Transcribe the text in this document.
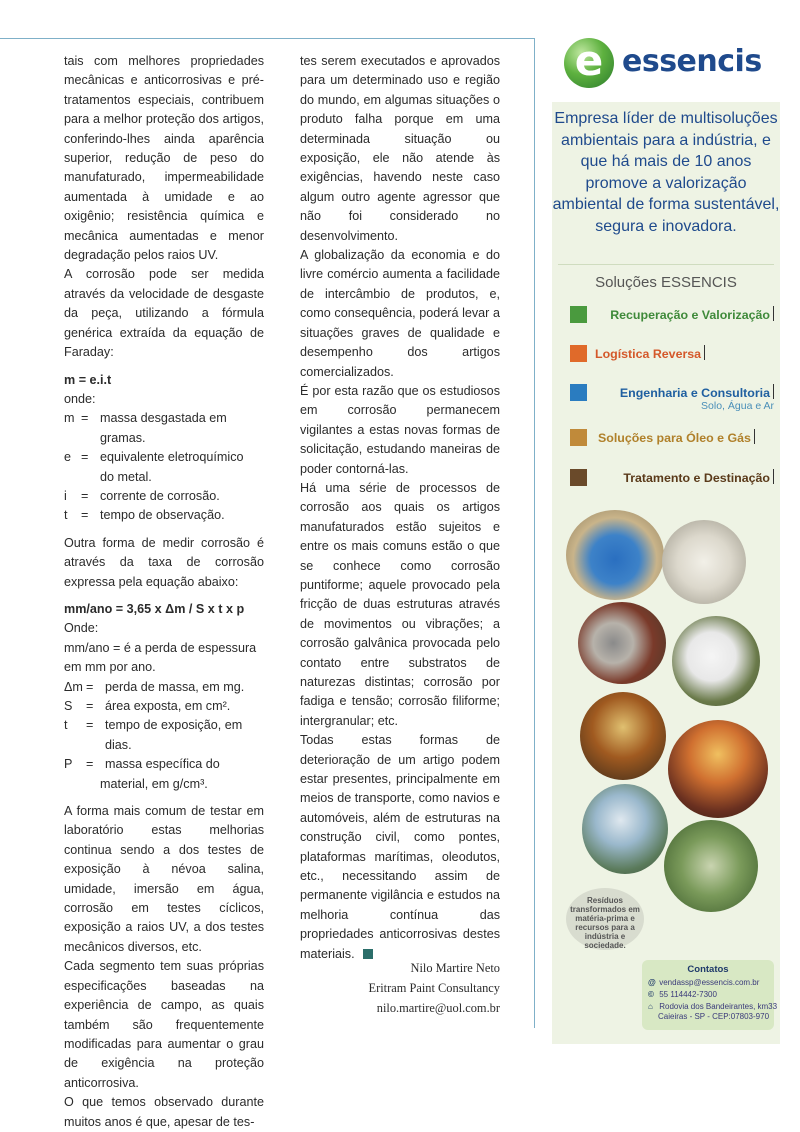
tais com melhores propriedades mecânicas e anticorrosivas e pré-tratamentos especiais, contribuem para a melhor proteção dos artigos, conferindo-lhes ainda aparência superior, redução de peso do manufaturado, impermeabilidade aumentada à umidade e ao oxigênio; resistência química e mecânica aumentadas e menor degradação pelos raios UV.

A corrosão pode ser medida através da velocidade de desgaste da peça, utilizando a fórmula genérica extraída da equação de Faraday:

m = e.i.t

onde:

m = massa desgastada em gramas.
e = equivalente eletroquímico
do metal.
i	= corrente de corrosão.
t	= tempo de observação.

Outra forma de medir corrosão é através da taxa de corrosão expressa pela equação abaixo:

mm/ano = 3,65 x Δm / S x t x p

Onde:

mm/ano = é a perda de espessura em mm por ano.

Δm = perda de massa, em mg.
S	= área exposta, em cm².
t	= tempo de exposição, em dias.
P	= massa específica do
material, em g/cm³.

A forma mais comum de testar em laboratório estas melhorias continua sendo a dos testes de exposição à névoa salina, umidade, imersão em água, corrosão em testes cíclicos, exposição a raios UV, a dos testes mecânicos diversos, etc.

Cada segmento tem suas próprias especificações baseadas na experiência de campo, as quais também são frequentemente modificadas para aumentar o grau de exigência na proteção anticorrosiva.

O que temos observado durante muitos anos é que, apesar de tes-

tes serem executados e aprovados para um determinado uso e região do mundo, em algumas situações o produto falha porque em uma determinada situação ou exposição, ele não atende às exigências, havendo neste caso algum outro agente agressor que não foi considerado no desenvolvimento.

A globalização da economia e do livre comércio aumenta a facilidade de intercâmbio de produtos, e, como consequência, poderá levar a situações graves de qualidade e desempenho dos artigos comercializados.

É por esta razão que os estudiosos em corrosão permanecem vigilantes a estas novas formas de solicitação, estudando maneiras de poder contorná-las.

Há uma série de processos de corrosão aos quais os artigos manufaturados estão sujeitos e entre os mais comuns estão o que se conhece como corrosão puntiforme; aquele provocado pela fricção de duas estruturas através de movimentos ou vibrações; a corrosão galvânica provocada pelo contato entre substratos de naturezas distintas; corrosão por fadiga e tensão; corrosão filiforme; intergranular; etc.

Todas estas formas de deterioração de um artigo podem estar presentes, principalmente em meios de transporte, como navios e automóveis, além de estruturas na construção civil, como pontes, plataformas marítimas, oleodutos, etc., necessitando assim de permanente vigilância e estudos na melhoria contínua das propriedades anticorrosivas destes materiais.

Nilo Martire Neto
Eritram Paint Consultancy
nilo.martire@uol.com.br
e essencis
Empresa líder de multisoluções ambientais para a indústria, e que há mais de 10 anos promove a valorização ambiental de forma sustentável, segura e inovadora.
Soluções ESSENCIS
Recuperação e Valorização
Logística Reversa
Engenharia e Consultoria
Solo, Água e Ar
Soluções para Óleo e Gás
Tratamento e Destinação
Resíduos transformados em matéria-prima e recursos para a indústria e sociedade.
Contatos
@ vendassp@essencis.com.br
© 55 114442-7300
⌂ Rodovia dos Bandeirantes, km33
Caieiras - SP - CEP:07803-970
